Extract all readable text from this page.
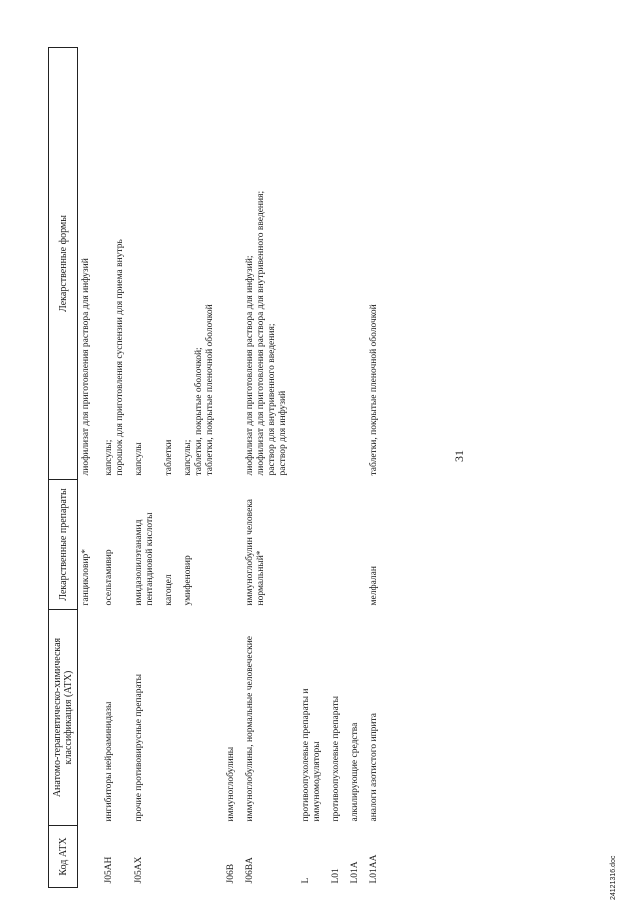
31
24121316.doc
Код АТХ	Анатомо-терапевтическо-химическая классификация (АТХ)	Лекарственные препараты	Лекарственные формы

		ганцикловир*	лиофилизат для приготовления раствора для инфузий

J05AH	ингибиторы нейроаминидазы	осельтамивир	капсулы; порошок для приготовления суспензии для приема внутрь

J05AX	прочие противовирусные препараты	имидазолилэтанамид пентандиовой кислоты	капсулы

		кагоцел	таблетки

		умифеновир	капсулы; таблетки, покрытые оболочкой; таблетки, покрытые пленочной оболочкой

J06B	иммуноглобулины		

J06BA	иммуноглобулины, нормальные человеческие	иммуноглобулин человека нормальный*	лиофилизат для приготовления раствора для инфузий; лиофилизат для приготовления раствора для внутривенного введения; раствор для внутривенного введения; раствор для инфузий

L	противоопухолевые препараты и иммуномодуляторы		

L01	противоопухолевые препараты		

L01A	алкилирующие средства		

L01AA	аналоги азотистого иприта	мелфалан	таблетки, покрытые пленочной оболочкой
